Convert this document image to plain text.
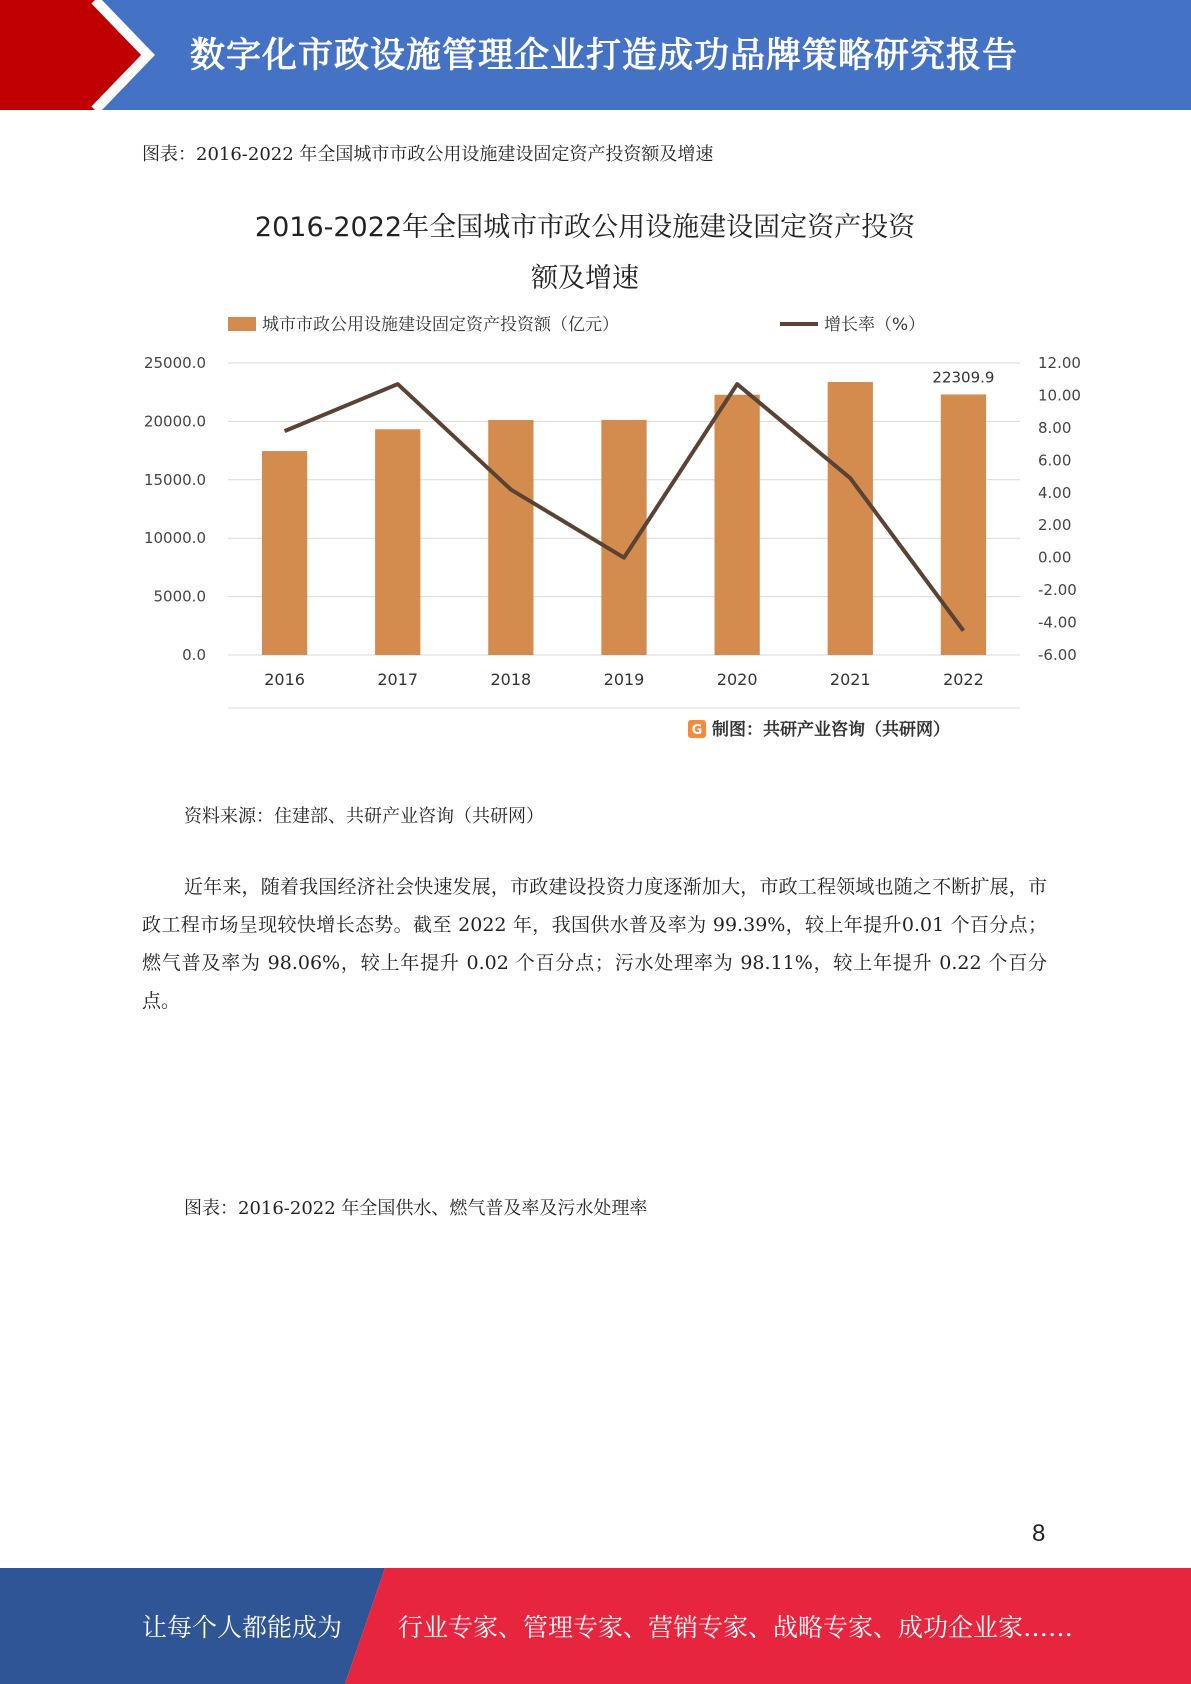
数字化市政设施管理企业打造成功品牌策略研究报告
图表：2016-2022 年全国城市市政公用设施建设固定资产投资额及增速
2016-2022年全国城市市政公用设施建设固定资产投资
额及增速
城市市政公用设施建设固定资产投资额（亿元）	增长率（%）
25000.0
20000.0
15000.0
10000.0
5000.0
0.0
12.00
10.00
8.00
6.00
4.00
2.00
0.00
-2.00
-4.00
-6.00
2016	2017	2018	2019	2020	2021	2022
22309.9
G 制图：共研产业咨询（共研网）
资料来源：住建部、共研产业咨询（共研网）
近年来，随着我国经济社会快速发展，市政建设投资力度逐渐加大，市政工程领域也随之不断扩展，市政工程市场呈现较快增长态势。截至 2022 年，我国供水普及率为 99.39%，较上年提升0.01 个百分点；燃气普及率为 98.06%，较上年提升 0.02 个百分点；污水处理率为 98.11%，较上年提升 0.22 个百分点。
图表：2016-2022 年全国供水、燃气普及率及污水处理率
8
让每个人都能成为 行业专家、管理专家、营销专家、战略专家、成功企业家……
